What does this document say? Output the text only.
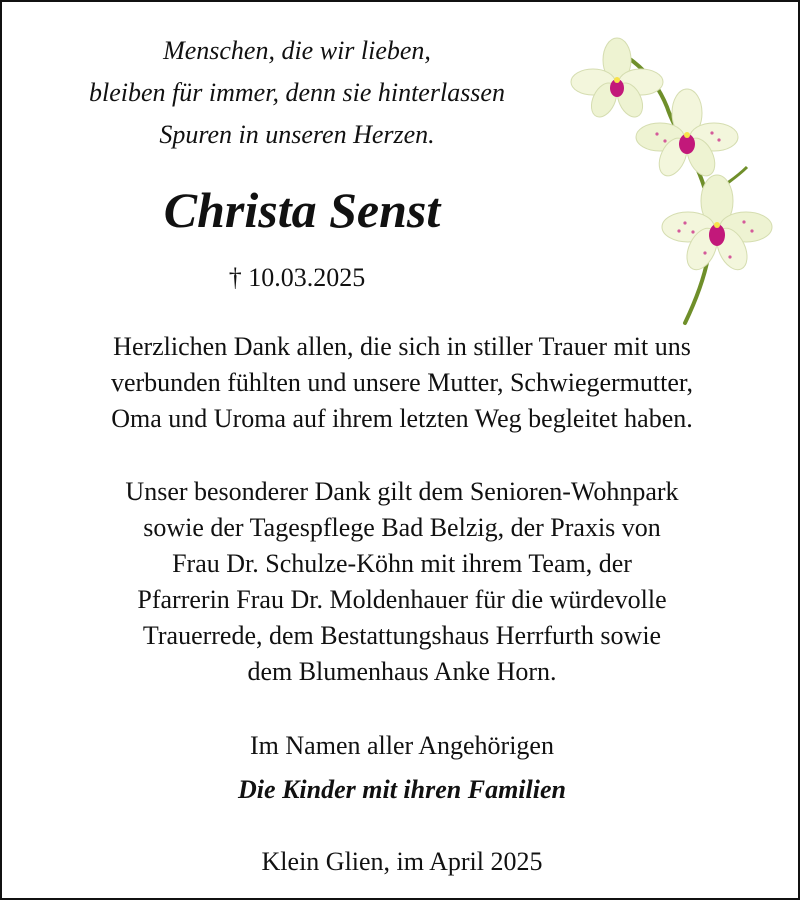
Menschen, die wir lieben,
bleiben für immer, denn sie hinterlassen
Spuren in unseren Herzen.
Christa Senst
† 10.03.2025
Herzlichen Dank allen, die sich in stiller Trauer mit uns
verbunden fühlten und unsere Mutter, Schwiegermutter,
Oma und Uroma auf ihrem letzten Weg begleitet haben.
Unser besonderer Dank gilt dem Senioren-Wohnpark
sowie der Tagespflege Bad Belzig, der Praxis von
Frau Dr. Schulze-Köhn mit ihrem Team, der
Pfarrerin Frau Dr. Moldenhauer für die würdevolle
Trauerrede, dem Bestattungshaus Herrfurth sowie
dem Blumenhaus Anke Horn.
Im Namen aller Angehörigen
Die Kinder mit ihren Familien
Klein Glien, im April 2025
